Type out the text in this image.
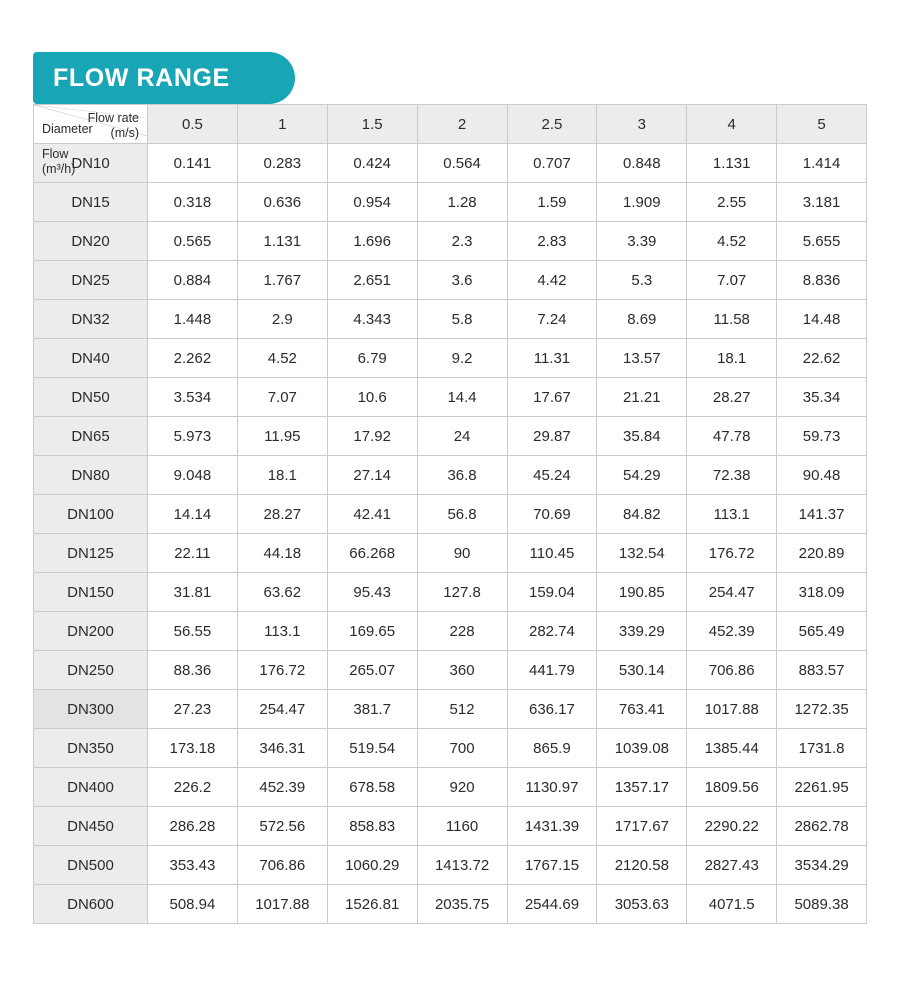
FLOW RANGE
Flow rate
(m/s)
Flow
(m³/h)
Diameter	0.5	1	1.5	2	2.5	3	4	5
DN10	0.141	0.283	0.424	0.564	0.707	0.848	1.131	1.414
DN15	0.318	0.636	0.954	1.28	1.59	1.909	2.55	3.181
DN20	0.565	1.131	1.696	2.3	2.83	3.39	4.52	5.655
DN25	0.884	1.767	2.651	3.6	4.42	5.3	7.07	8.836
DN32	1.448	2.9	4.343	5.8	7.24	8.69	11.58	14.48
DN40	2.262	4.52	6.79	9.2	11.31	13.57	18.1	22.62
DN50	3.534	7.07	10.6	14.4	17.67	21.21	28.27	35.34
DN65	5.973	11.95	17.92	24	29.87	35.84	47.78	59.73
DN80	9.048	18.1	27.14	36.8	45.24	54.29	72.38	90.48
DN100	14.14	28.27	42.41	56.8	70.69	84.82	113.1	141.37
DN125	22.11	44.18	66.268	90	110.45	132.54	176.72	220.89
DN150	31.81	63.62	95.43	127.8	159.04	190.85	254.47	318.09
DN200	56.55	113.1	169.65	228	282.74	339.29	452.39	565.49
DN250	88.36	176.72	265.07	360	441.79	530.14	706.86	883.57
DN300	27.23	254.47	381.7	512	636.17	763.41	1017.88	1272.35
DN350	173.18	346.31	519.54	700	865.9	1039.08	1385.44	1731.8
DN400	226.2	452.39	678.58	920	1130.97	1357.17	1809.56	2261.95
DN450	286.28	572.56	858.83	1160	1431.39	1717.67	2290.22	2862.78
DN500	353.43	706.86	1060.29	1413.72	1767.15	2120.58	2827.43	3534.29
DN600	508.94	1017.88	1526.81	2035.75	2544.69	3053.63	4071.5	5089.38
